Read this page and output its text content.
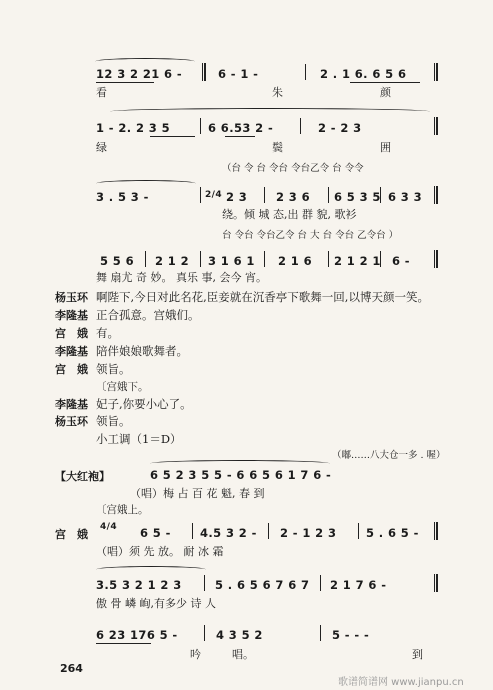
12 3 2 21 6 -	6 - 1 -	2 . 1 6. 6 5 6
看	朱	颜
1 - 2. 2 3 5	6 6.53 2 -	2 - 2 3
绿	鬓	囲
（台 令 台 令台 令台乙令 台 令令
2/4
3 . 5 3 -	2 3	2 3 6 6 5 3 5 6 3 3
绕。倾 城 态,出 群 貌, 歌衫
台 令台 令台乙令 台 大 台 令台 乙令台 ）
5 5 6 2 1 2 3 1 6 1 2 1 6 2 1 2 1 6 -
舞 扇尤 奇 妙。 真乐 事, 会今 宵。
杨玉环 啊陛下,今日对此名花,臣妾就在沉香亭下歌舞一回,以博天颜一笑。
李隆基 正合孤意。宫娥们。
宫　娥 有。
李隆基 陪伴娘娘歌舞者。
宫　娥 领旨。
〔宫娥下。
李隆基 妃子,你要小心了。
杨玉环 领旨。
小工调（1＝D）
（嘟……八大仓一多 . 喔）
【大红袍】	6 5 2 3 5 5 - 6 6 5 6 1 7 6 -
（唱）梅 占 百 花 魁, 春 到
〔宫娥上。
宫　娥
4/4 6 5 -	4.5 3 2 - 2 - 1 2 3	5 . 6 5 -
（唱）须 先 放。 耐 冰 霜
3.5 3 2 1 2 3	5 . 6 5 6 7 6 7 2 1 7 6 -
傲 骨 嶙 峋,有多少 诗 人
6 23 176 5 -	4 3 5 2	5 - - -
吟	唱。	到
264
歌谱简谱网 www.jianpu.cn
